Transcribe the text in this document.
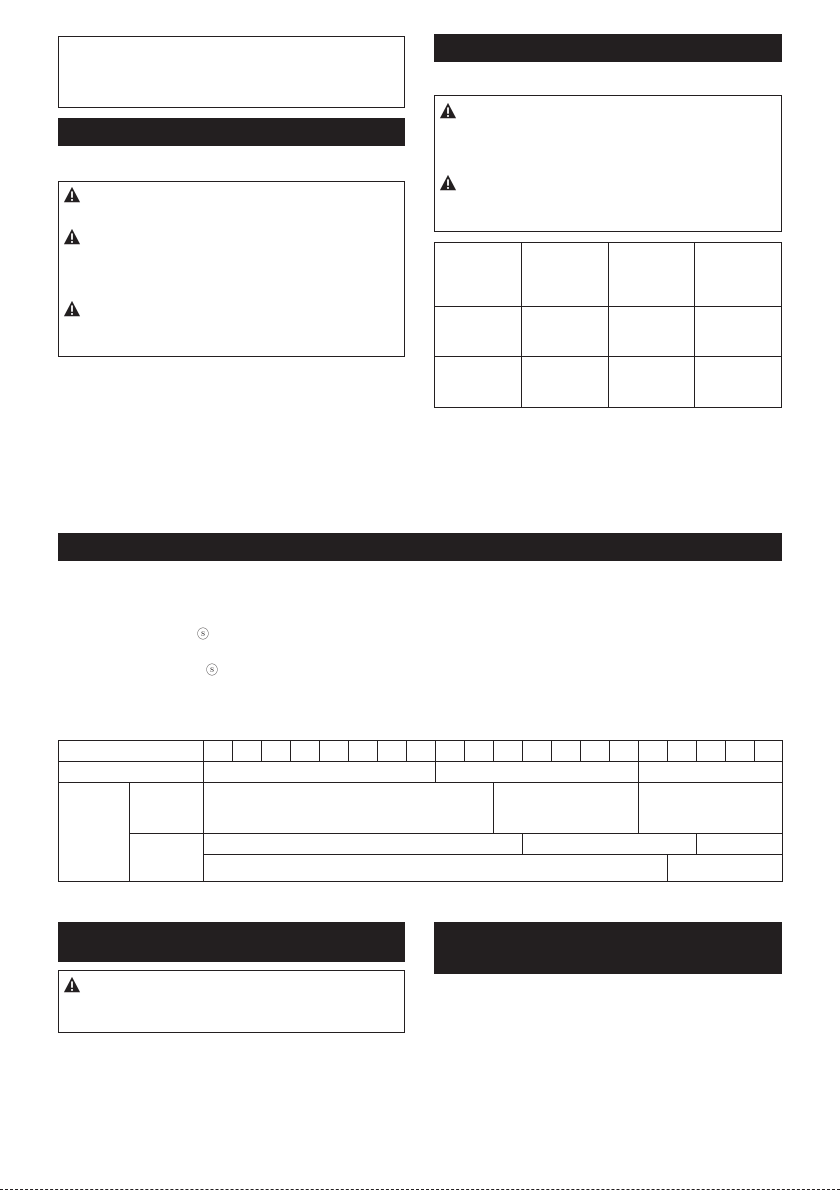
ⓢ
ⓢ
